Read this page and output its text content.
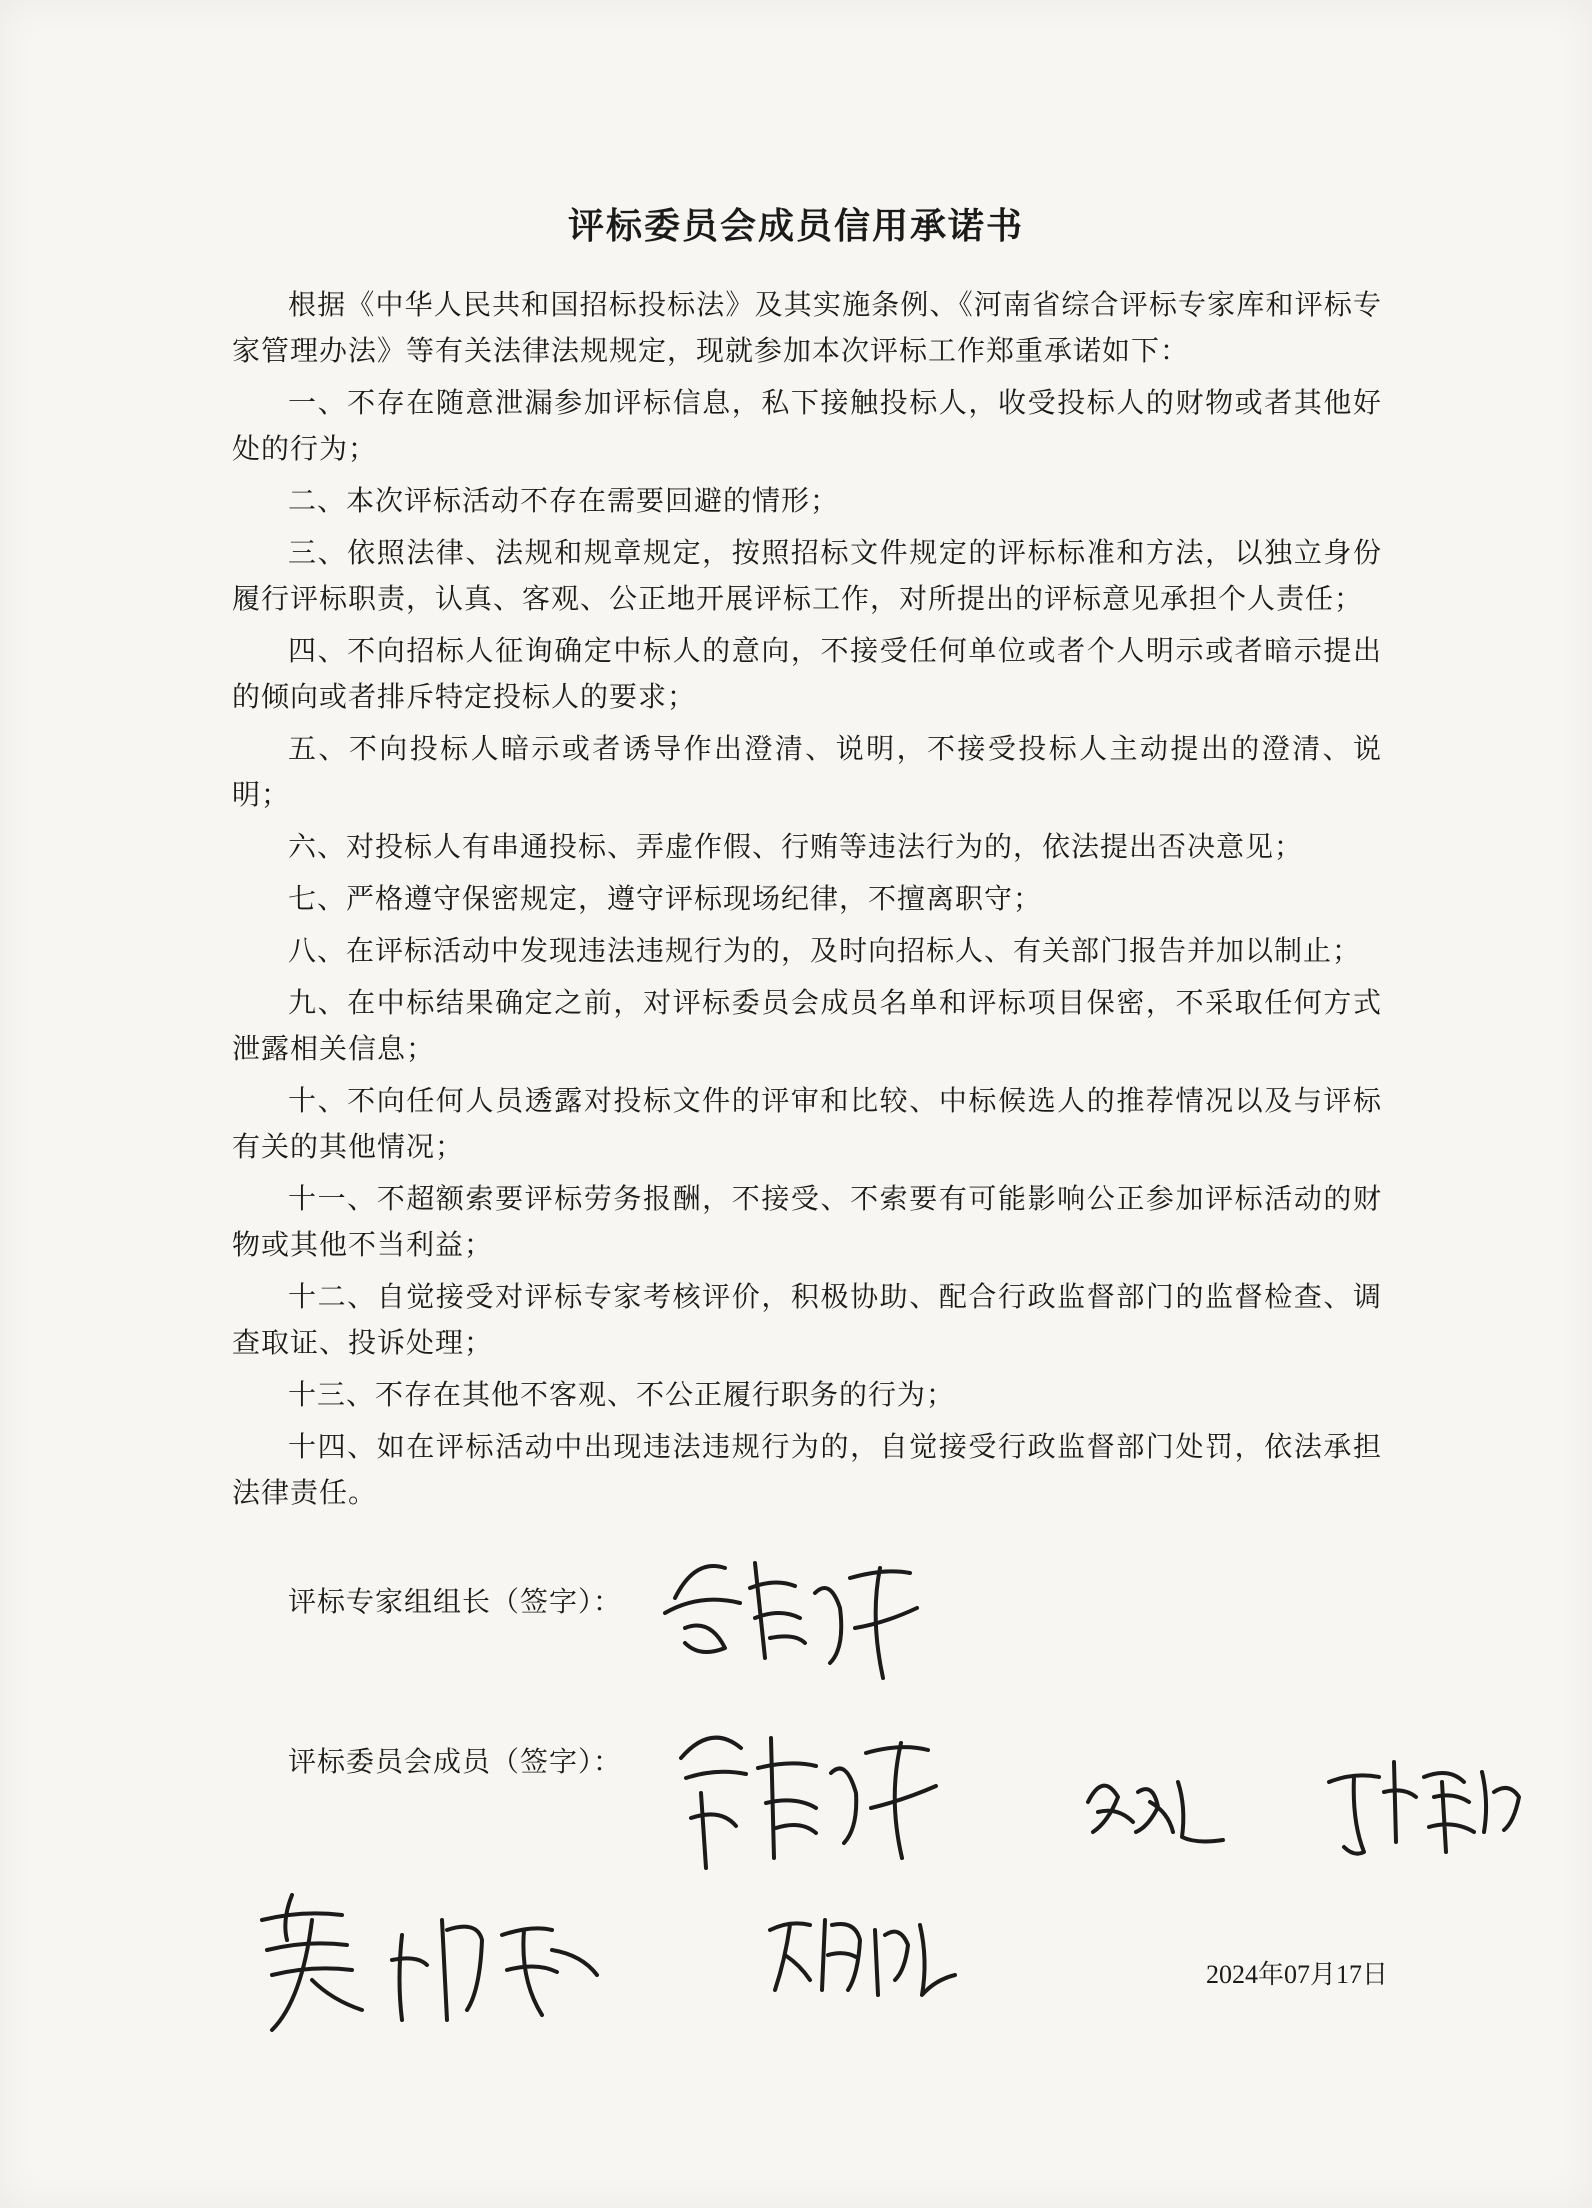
评标委员会成员信用承诺书

根据《中华人民共和国招标投标法》及其实施条例、《河南省综合评标专家库和评标专家管理办法》等有关法律法规规定，现就参加本次评标工作郑重承诺如下：

一、不存在随意泄漏参加评标信息，私下接触投标人，收受投标人的财物或者其他好处的行为；

二、本次评标活动不存在需要回避的情形；

三、依照法律、法规和规章规定，按照招标文件规定的评标标准和方法，以独立身份履行评标职责，认真、客观、公正地开展评标工作，对所提出的评标意见承担个人责任；

四、不向招标人征询确定中标人的意向，不接受任何单位或者个人明示或者暗示提出的倾向或者排斥特定投标人的要求；

五、不向投标人暗示或者诱导作出澄清、说明，不接受投标人主动提出的澄清、说明；

六、对投标人有串通投标、弄虚作假、行贿等违法行为的，依法提出否决意见；

七、严格遵守保密规定，遵守评标现场纪律，不擅离职守；

八、在评标活动中发现违法违规行为的，及时向招标人、有关部门报告并加以制止；

九、在中标结果确定之前，对评标委员会成员名单和评标项目保密，不采取任何方式泄露相关信息；

十、不向任何人员透露对投标文件的评审和比较、中标候选人的推荐情况以及与评标有关的其他情况；

十一、不超额索要评标劳务报酬，不接受、不索要有可能影响公正参加评标活动的财物或其他不当利益；

十二、自觉接受对评标专家考核评价，积极协助、配合行政监督部门的监督检查、调查取证、投诉处理；

十三、不存在其他不客观、不公正履行职务的行为；

十四、如在评标活动中出现违法违规行为的，自觉接受行政监督部门处罚，依法承担法律责任。

评标专家组组长（签字）：
评标委员会成员（签字）：
2024年07月17日
